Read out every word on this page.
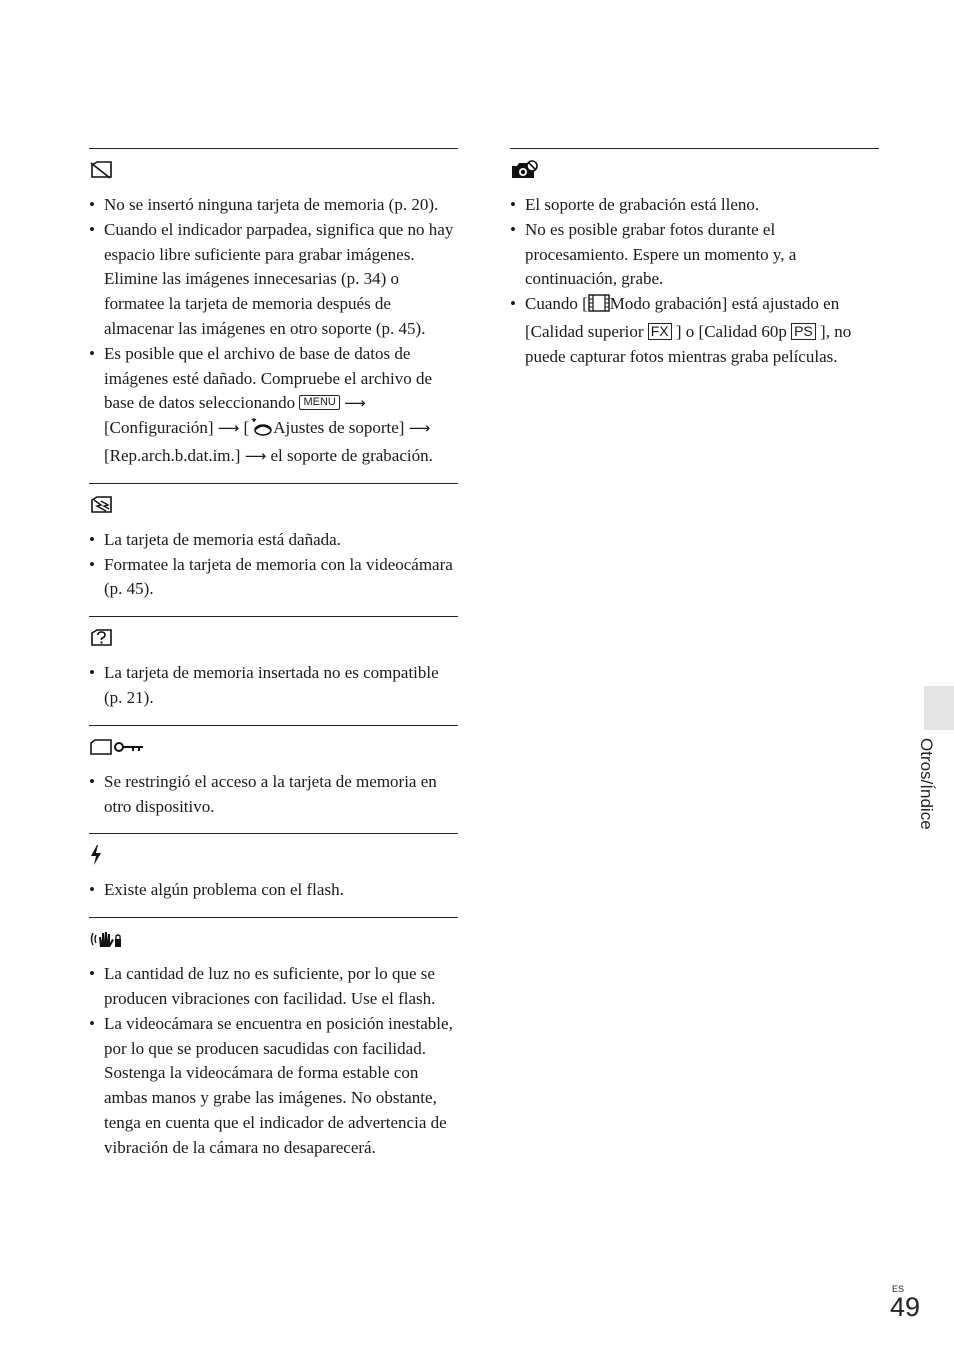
• No se insertó ninguna tarjeta de memoria (p. 20).
• Cuando el indicador parpadea, significa que no hay espacio libre suficiente para grabar imágenes. Elimine las imágenes innecesarias (p. 34) o formatee la tarjeta de memoria después de almacenar las imágenes en otro soporte (p. 45).
• Es posible que el archivo de base de datos de imágenes esté dañado. Compruebe el archivo de base de datos seleccionando MENU ⟶ [Configuración] ⟶ [ Ajustes de soporte] ⟶ [Rep.arch.b.dat.im.] ⟶ el soporte de grabación.
• La tarjeta de memoria está dañada.
• Formatee la tarjeta de memoria con la videocámara (p. 45).
• La tarjeta de memoria insertada no es compatible (p. 21).
• Se restringió el acceso a la tarjeta de memoria en otro dispositivo.
• Existe algún problema con el flash.
• La cantidad de luz no es suficiente, por lo que se producen vibraciones con facilidad. Use el flash.
• La videocámara se encuentra en posición inestable, por lo que se producen sacudidas con facilidad. Sostenga la videocámara de forma estable con ambas manos y grabe las imágenes. No obstante, tenga en cuenta que el indicador de advertencia de vibración de la cámara no desaparecerá.
• El soporte de grabación está lleno.
• No es posible grabar fotos durante el procesamiento. Espere un momento y, a continuación, grabe.
• Cuando [ Modo grabación] está ajustado en [Calidad superior FX ] o [Calidad 60p PS ], no puede capturar fotos mientras graba películas.
Otros/Índice
ES
49
